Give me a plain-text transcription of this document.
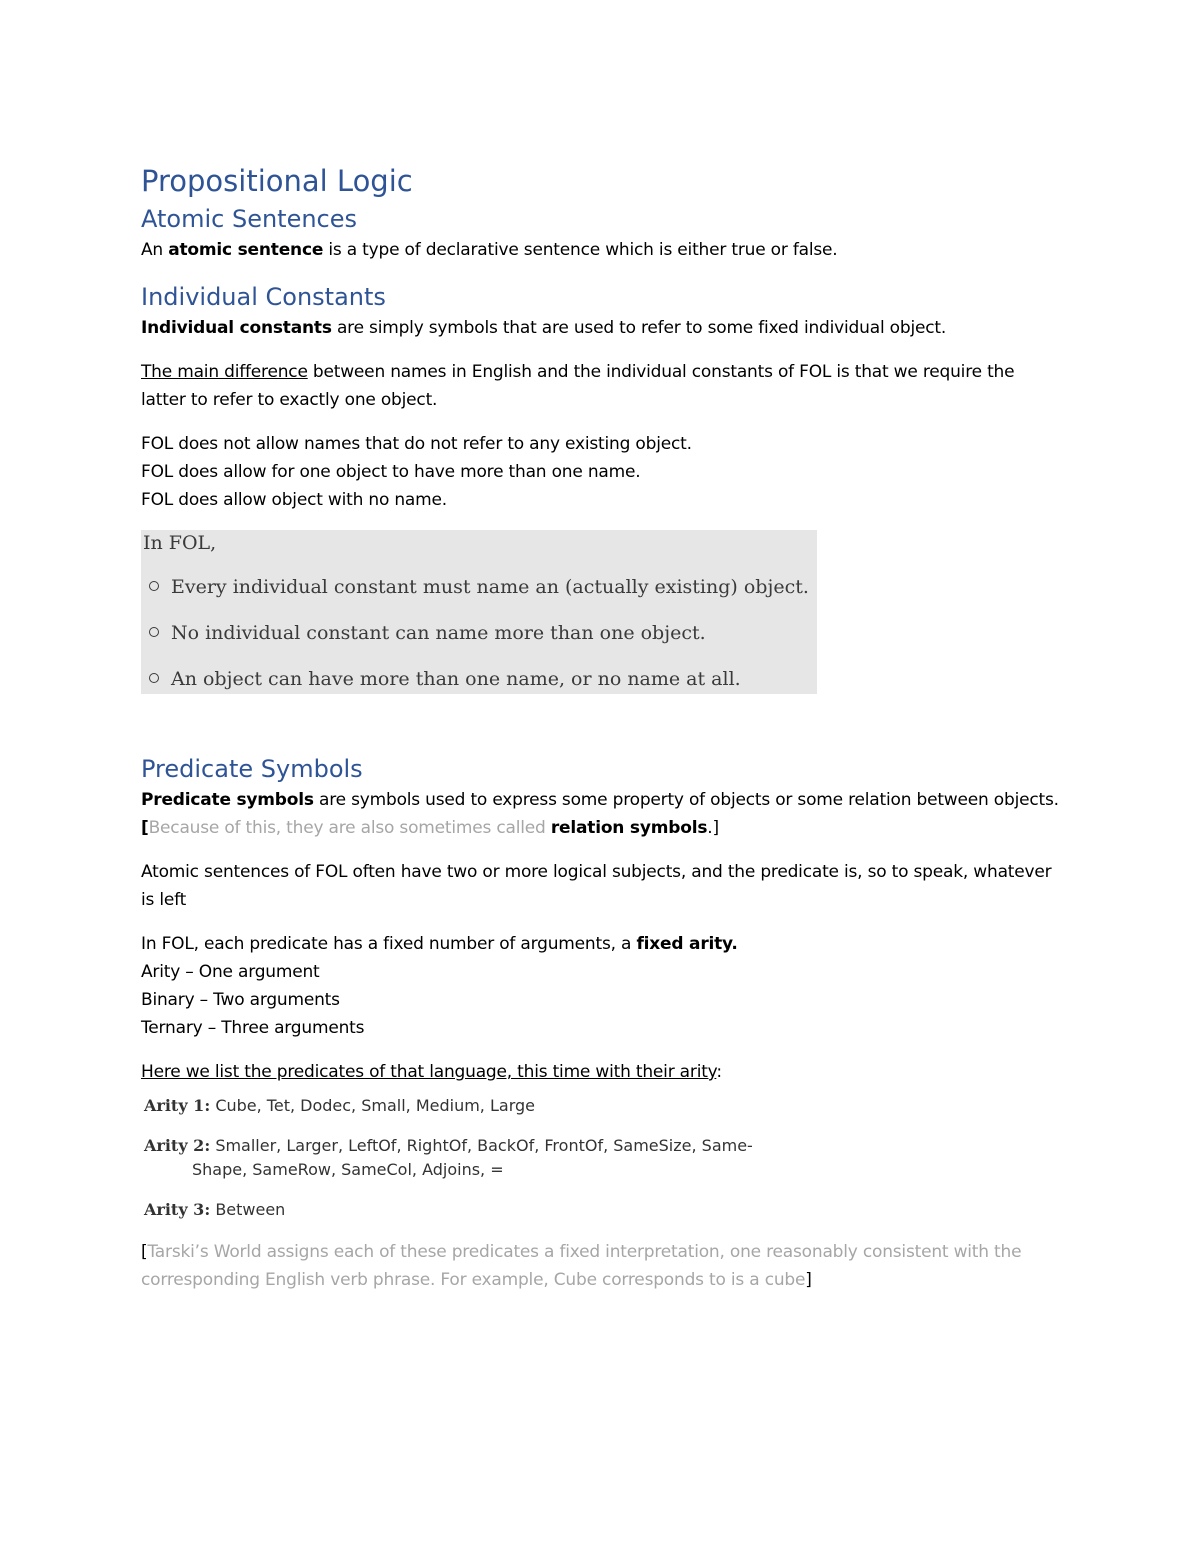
Propositional Logic
Atomic Sentences

An atomic sentence is a type of declarative sentence which is either true or false.

Individual Constants

Individual constants are simply symbols that are used to refer to some fixed individual object.

The main difference between names in English and the individual constants of FOL is that we require the latter to refer to exactly one object.

FOL does not allow names that do not refer to any existing object.

FOL does allow for one object to have more than one name.

FOL does allow object with no name.

In FOL,
Every individual constant must name an (actually existing) object.
No individual constant can name more than one object.
An object can have more than one name, or no name at all.
Predicate Symbols

Predicate symbols are symbols used to express some property of objects or some relation between objects. [Because of this, they are also sometimes called relation symbols.]

Atomic sentences of FOL often have two or more logical subjects, and the predicate is, so to speak, whatever is left

In FOL, each predicate has a fixed number of arguments, a fixed arity.

Arity – One argument

Binary – Two arguments

Ternary – Three arguments

Here we list the predicates of that language, this time with their arity:

Arity 1: Cube, Tet, Dodec, Small, Medium, Large
Arity 2: Smaller, Larger, LeftOf, RightOf, BackOf, FrontOf, SameSize, Same-
Shape, SameRow, SameCol, Adjoins, =
Arity 3: Between

[Tarski’s World assigns each of these predicates a fixed interpretation, one reasonably consistent with the corresponding English verb phrase. For example, Cube corresponds to is a cube]
